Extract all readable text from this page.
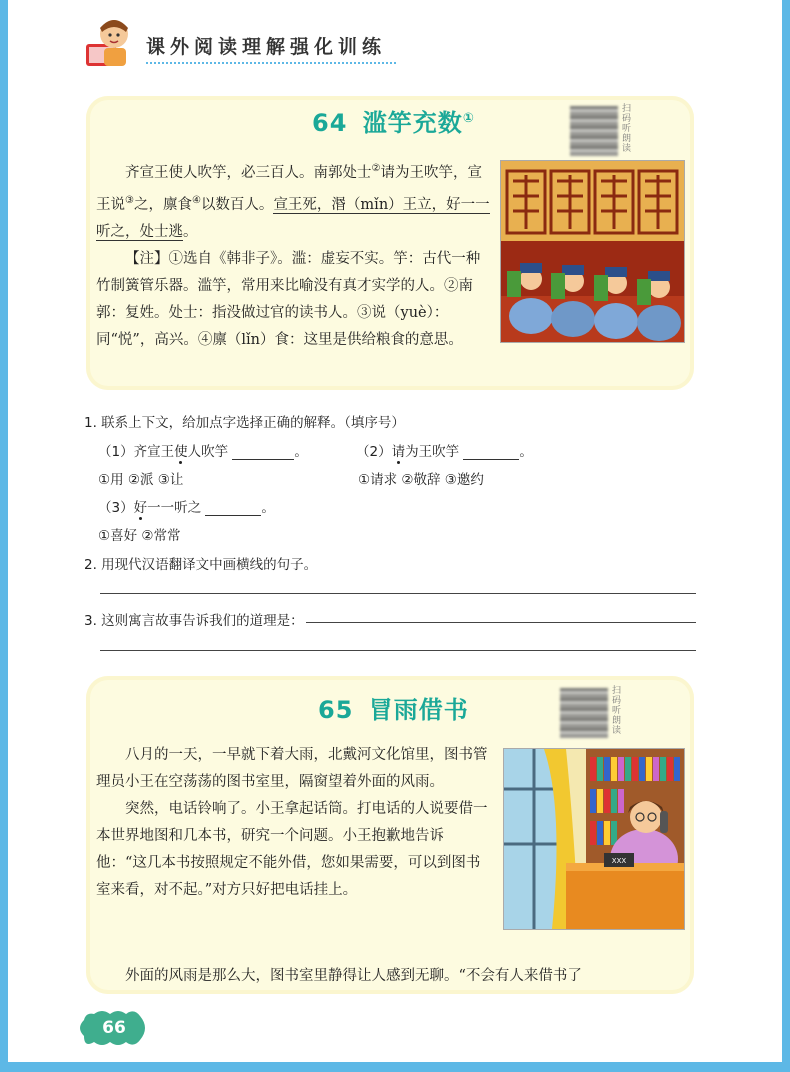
课外阅读理解强化训练
64 滥竽充数①
扫码听朗读

齐宣王使人吹竽，必三百人。南郭处士②请为王吹竽，宣王说③之，廪食④以数百人。宣王死，湣（mǐn）王立，好一一听之，处士逃。

【注】①选自《韩非子》。滥：虚妄不实。竽：古代一种竹制簧管乐器。滥竽，常用来比喻没有真才实学的人。②南郭：复姓。处士：指没做过官的读书人。③说（yuè）：同“悦”，高兴。④廪（lǐn）食：这里是供给粮食的意思。

1. 联系上下文，给加点字选择正确的解释。（填序号）
（1）齐宣王使人吹竽	。
①用 ②派 ③让
（2）请为王吹竽	。
①请求 ②敬辞 ③邀约
（3）好一一听之	。
①喜好 ②常常
2. 用现代汉语翻译文中画横线的句子。
3. 这则寓言故事告诉我们的道理是：
65 冒雨借书
扫码听朗读

八月的一天，一早就下着大雨，北戴河文化馆里，图书管理员小王在空荡荡的图书室里，隔窗望着外面的风雨。

突然，电话铃响了。小王拿起话筒。打电话的人说要借一本世界地图和几本书，研究一个问题。小王抱歉地告诉他：“这几本书按照规定不能外借，您如果需要，可以到图书室来看，对不起。”对方只好把电话挂上。

外面的风雨是那么大，图书室里静得让人感到无聊。“不会有人来借书了

XXX
66
